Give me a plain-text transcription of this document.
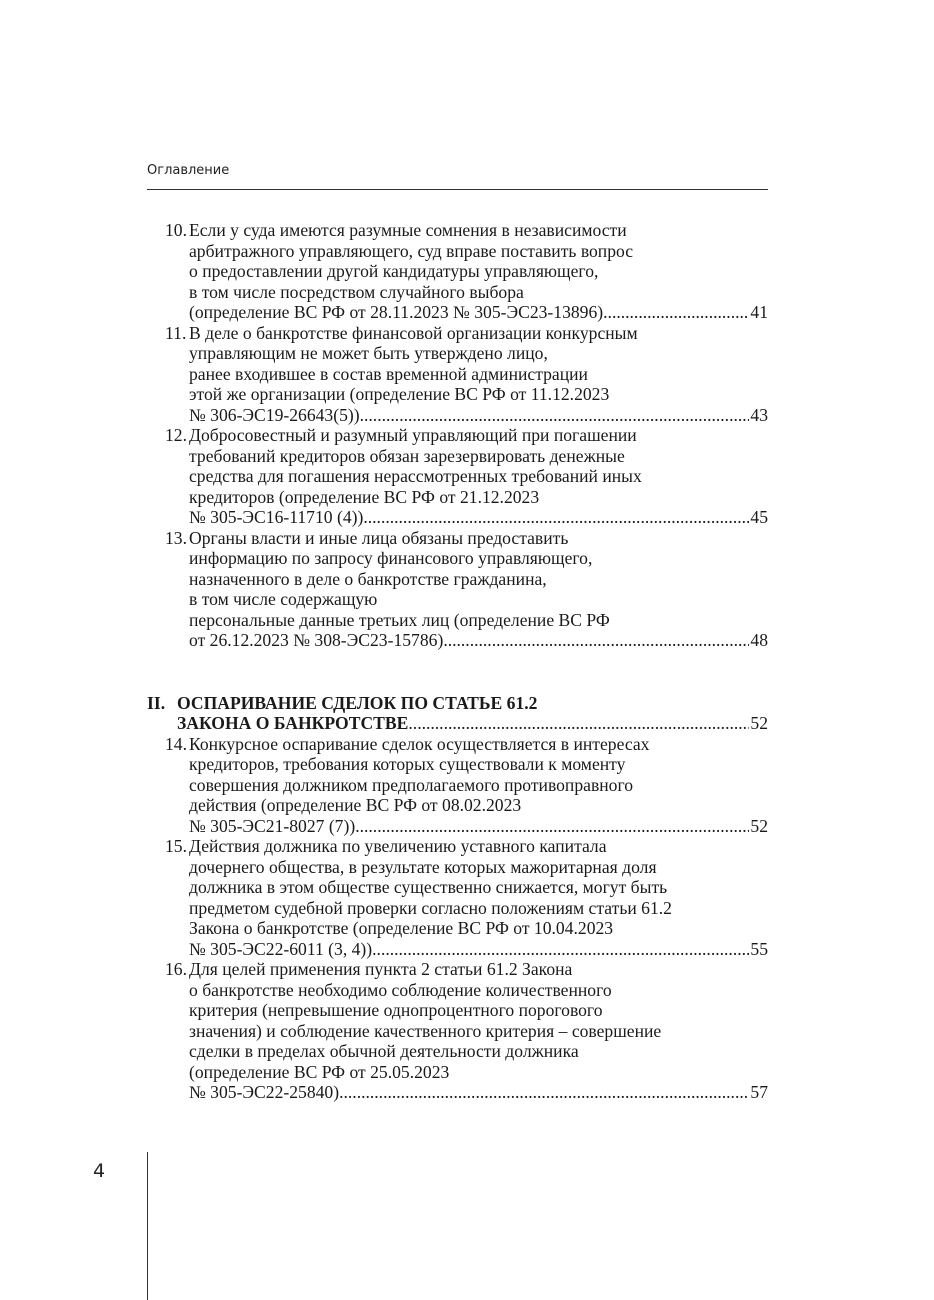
Оглавление
10. Если у суда имеются разумные сомнения в независимости
арбитражного управляющего, суд вправе поставить вопрос
о предоставлении другой кандидатуры управляющего,
в том числе посредством случайного выбора
(определение ВС РФ от 28.11.2023 № 305-ЭС23-13896) .....	41
11. В деле о банкротстве финансовой организации конкурсным
управляющим не может быть утверждено лицо,
ранее входившее в состав временной администрации
этой же организации (определение ВС РФ от 11.12.2023
№ 306-ЭС19-26643(5)) .....	43
12. Добросовестный и разумный управляющий при погашении
требований кредиторов обязан зарезервировать денежные
средства для погашения нерассмотренных требований иных
кредиторов (определение ВС РФ от 21.12.2023
№ 305-ЭС16-11710 (4)) .....	45
13. Органы власти и иные лица обязаны предоставить
информацию по запросу финансового управляющего,
назначенного в деле о банкротстве гражданина,
в том числе содержащую
персональные данные третьих лиц (определение ВС РФ
от 26.12.2023 № 308-ЭС23-15786) .....	48
II. ОСПАРИВАНИЕ СДЕЛОК ПО СТАТЬЕ 61.2
ЗАКОНА О БАНКРОТСТВЕ .....	52
14. Конкурсное оспаривание сделок осуществляется в интересах
кредиторов, требования которых существовали к моменту
совершения должником предполагаемого противоправного
действия (определение ВС РФ от 08.02.2023
№ 305-ЭС21-8027 (7)) .....	52
15. Действия должника по увеличению уставного капитала
дочернего общества, в результате которых мажоритарная доля
должника в этом обществе существенно снижается, могут быть
предметом судебной проверки согласно положениям статьи 61.2
Закона о банкротстве (определение ВС РФ от 10.04.2023
№ 305-ЭС22-6011 (3, 4)) .....	55
16. Для целей применения пункта 2 статьи 61.2 Закона
о банкротстве необходимо соблюдение количественного
критерия (непревышение однопроцентного порогового
значения) и соблюдение качественного критерия – совершение
сделки в пределах обычной деятельности должника
(определение ВС РФ от 25.05.2023
№ 305-ЭС22-25840) .....	57
4
